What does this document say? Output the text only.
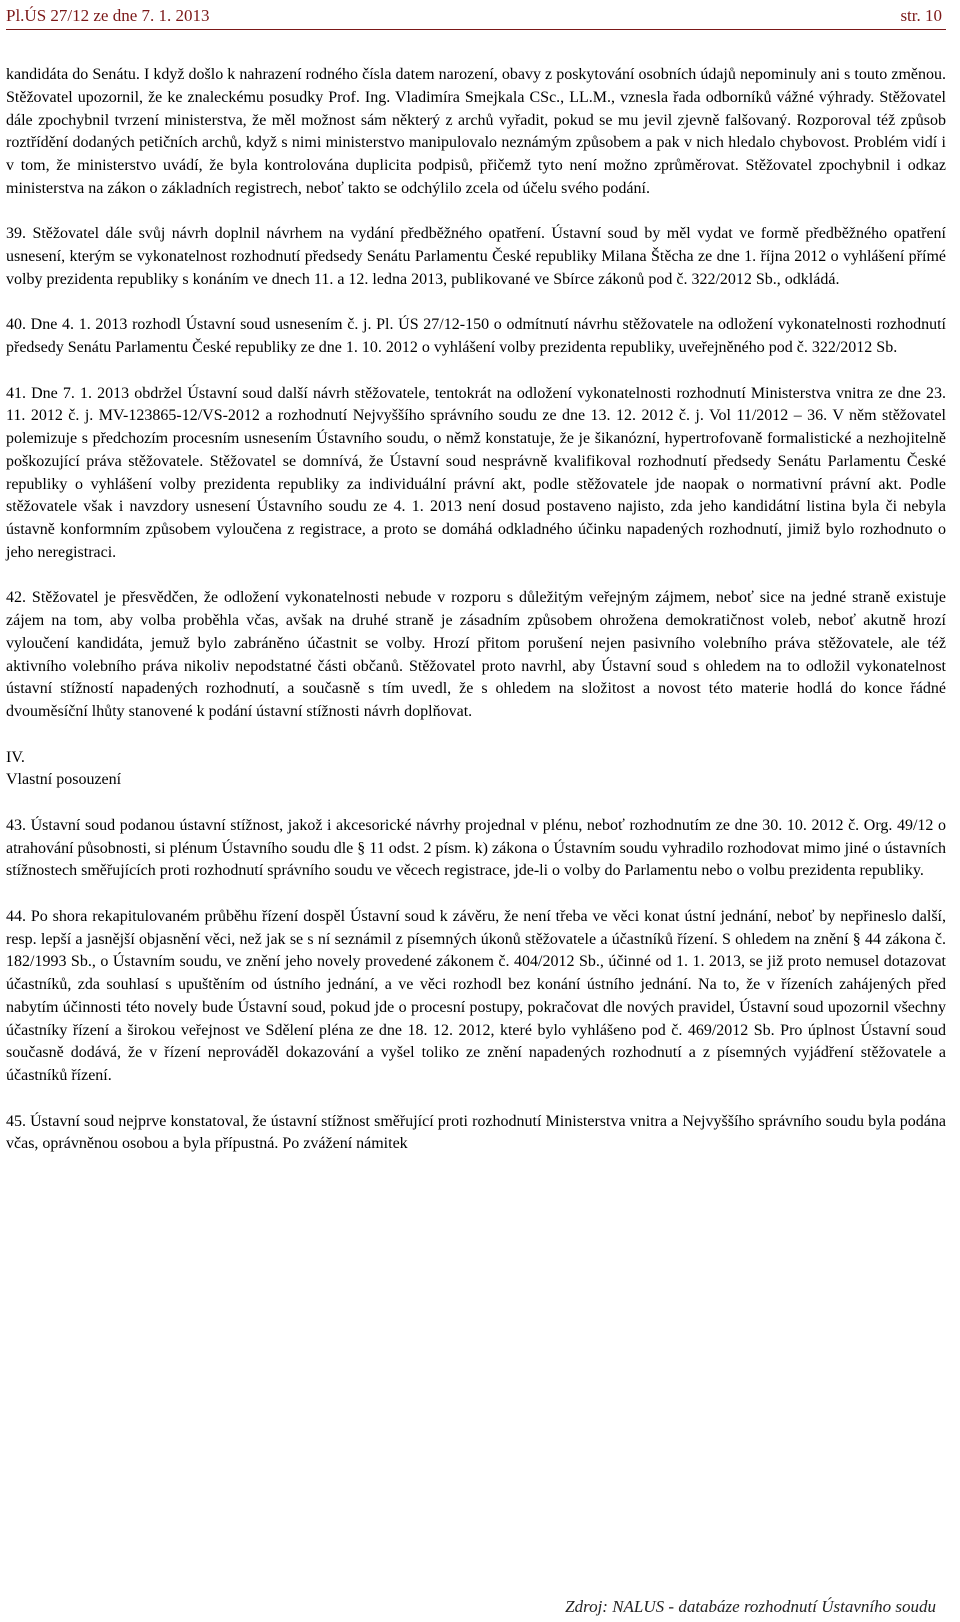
Pl.ÚS 27/12 ze dne 7. 1. 2013	str. 10

kandidáta do Senátu. I když došlo k nahrazení rodného čísla datem narození, obavy z poskytování osobních údajů nepominuly ani s touto změnou. Stěžovatel upozornil, že ke znaleckému posudky Prof. Ing. Vladimíra Smejkala CSc., LL.M., vznesla řada odborníků vážné výhrady. Stěžovatel dále zpochybnil tvrzení ministerstva, že měl možnost sám některý z archů vyřadit, pokud se mu jevil zjevně falšovaný. Rozporoval též způsob roztřídění dodaných petičních archů, když s nimi ministerstvo manipulovalo neznámým způsobem a pak v nich hledalo chybovost. Problém vidí i v tom, že ministerstvo uvádí, že byla kontrolována duplicita podpisů, přičemž tyto není možno zprůměrovat. Stěžovatel zpochybnil i odkaz ministerstva na zákon o základních registrech, neboť takto se odchýlilo zcela od účelu svého podání.

39. Stěžovatel dále svůj návrh doplnil návrhem na vydání předběžného opatření. Ústavní soud by měl vydat ve formě předběžného opatření usnesení, kterým se vykonatelnost rozhodnutí předsedy Senátu Parlamentu České republiky Milana Štěcha ze dne 1. října 2012 o vyhlášení přímé volby prezidenta republiky s konáním ve dnech 11. a 12. ledna 2013, publikované ve Sbírce zákonů pod č. 322/2012 Sb., odkládá.

40. Dne 4. 1. 2013 rozhodl Ústavní soud usnesením č. j. Pl. ÚS 27/12-150 o odmítnutí návrhu stěžovatele na odložení vykonatelnosti rozhodnutí předsedy Senátu Parlamentu České republiky ze dne 1. 10. 2012 o vyhlášení volby prezidenta republiky, uveřejněného pod č. 322/2012 Sb.

41. Dne 7. 1. 2013 obdržel Ústavní soud další návrh stěžovatele, tentokrát na odložení vykonatelnosti rozhodnutí Ministerstva vnitra ze dne 23. 11. 2012 č. j. MV-123865-12/VS-2012 a rozhodnutí Nejvyššího správního soudu ze dne 13. 12. 2012 č. j. Vol 11/2012 – 36. V něm stěžovatel polemizuje s předchozím procesním usnesením Ústavního soudu, o němž konstatuje, že je šikanózní, hypertrofovaně formalistické a nezhojitelně poškozující práva stěžovatele. Stěžovatel se domnívá, že Ústavní soud nesprávně kvalifikoval rozhodnutí předsedy Senátu Parlamentu České republiky o vyhlášení volby prezidenta republiky za individuální právní akt, podle stěžovatele jde naopak o normativní právní akt. Podle stěžovatele však i navzdory usnesení Ústavního soudu ze 4. 1. 2013 není dosud postaveno najisto, zda jeho kandidátní listina byla či nebyla ústavně konformním způsobem vyloučena z registrace, a proto se domáhá odkladného účinku napadených rozhodnutí, jimiž bylo rozhodnuto o jeho neregistraci.

42. Stěžovatel je přesvědčen, že odložení vykonatelnosti nebude v rozporu s důležitým veřejným zájmem, neboť sice na jedné straně existuje zájem na tom, aby volba proběhla včas, avšak na druhé straně je zásadním způsobem ohrožena demokratičnost voleb, neboť akutně hrozí vyloučení kandidáta, jemuž bylo zabráněno účastnit se volby. Hrozí přitom porušení nejen pasivního volebního práva stěžovatele, ale též aktivního volebního práva nikoliv nepodstatné části občanů. Stěžovatel proto navrhl, aby Ústavní soud s ohledem na to odložil vykonatelnost ústavní stížností napadených rozhodnutí, a současně s tím uvedl, že s ohledem na složitost a novost této materie hodlá do konce řádné dvouměsíční lhůty stanovené k podání ústavní stížnosti návrh doplňovat.

IV.

Vlastní posouzení

43. Ústavní soud podanou ústavní stížnost, jakož i akcesorické návrhy projednal v plénu, neboť rozhodnutím ze dne 30. 10. 2012 č. Org. 49/12 o atrahování působnosti, si plénum Ústavního soudu dle § 11 odst. 2 písm. k) zákona o Ústavním soudu vyhradilo rozhodovat mimo jiné o ústavních stížnostech směřujících proti rozhodnutí správního soudu ve věcech registrace, jde-li o volby do Parlamentu nebo o volbu prezidenta republiky.

44. Po shora rekapitulovaném průběhu řízení dospěl Ústavní soud k závěru, že není třeba ve věci konat ústní jednání, neboť by nepřineslo další, resp. lepší a jasnější objasnění věci, než jak se s ní seznámil z písemných úkonů stěžovatele a účastníků řízení. S ohledem na znění § 44 zákona č. 182/1993 Sb., o Ústavním soudu, ve znění jeho novely provedené zákonem č. 404/2012 Sb., účinné od 1. 1. 2013, se již proto nemusel dotazovat účastníků, zda souhlasí s upuštěním od ústního jednání, a ve věci rozhodl bez konání ústního jednání. Na to, že v řízeních zahájených před nabytím účinnosti této novely bude Ústavní soud, pokud jde o procesní postupy, pokračovat dle nových pravidel, Ústavní soud upozornil všechny účastníky řízení a širokou veřejnost ve Sdělení pléna ze dne 18. 12. 2012, které bylo vyhlášeno pod č. 469/2012 Sb. Pro úplnost Ústavní soud současně dodává, že v řízení neprováděl dokazování a vyšel toliko ze znění napadených rozhodnutí a z písemných vyjádření stěžovatele a účastníků řízení.

45. Ústavní soud nejprve konstatoval, že ústavní stížnost směřující proti rozhodnutí Ministerstva vnitra a Nejvyššího správního soudu byla podána včas, oprávněnou osobou a byla přípustná. Po zvážení námitek

Zdroj: NALUS - databáze rozhodnutí Ústavního soudu
